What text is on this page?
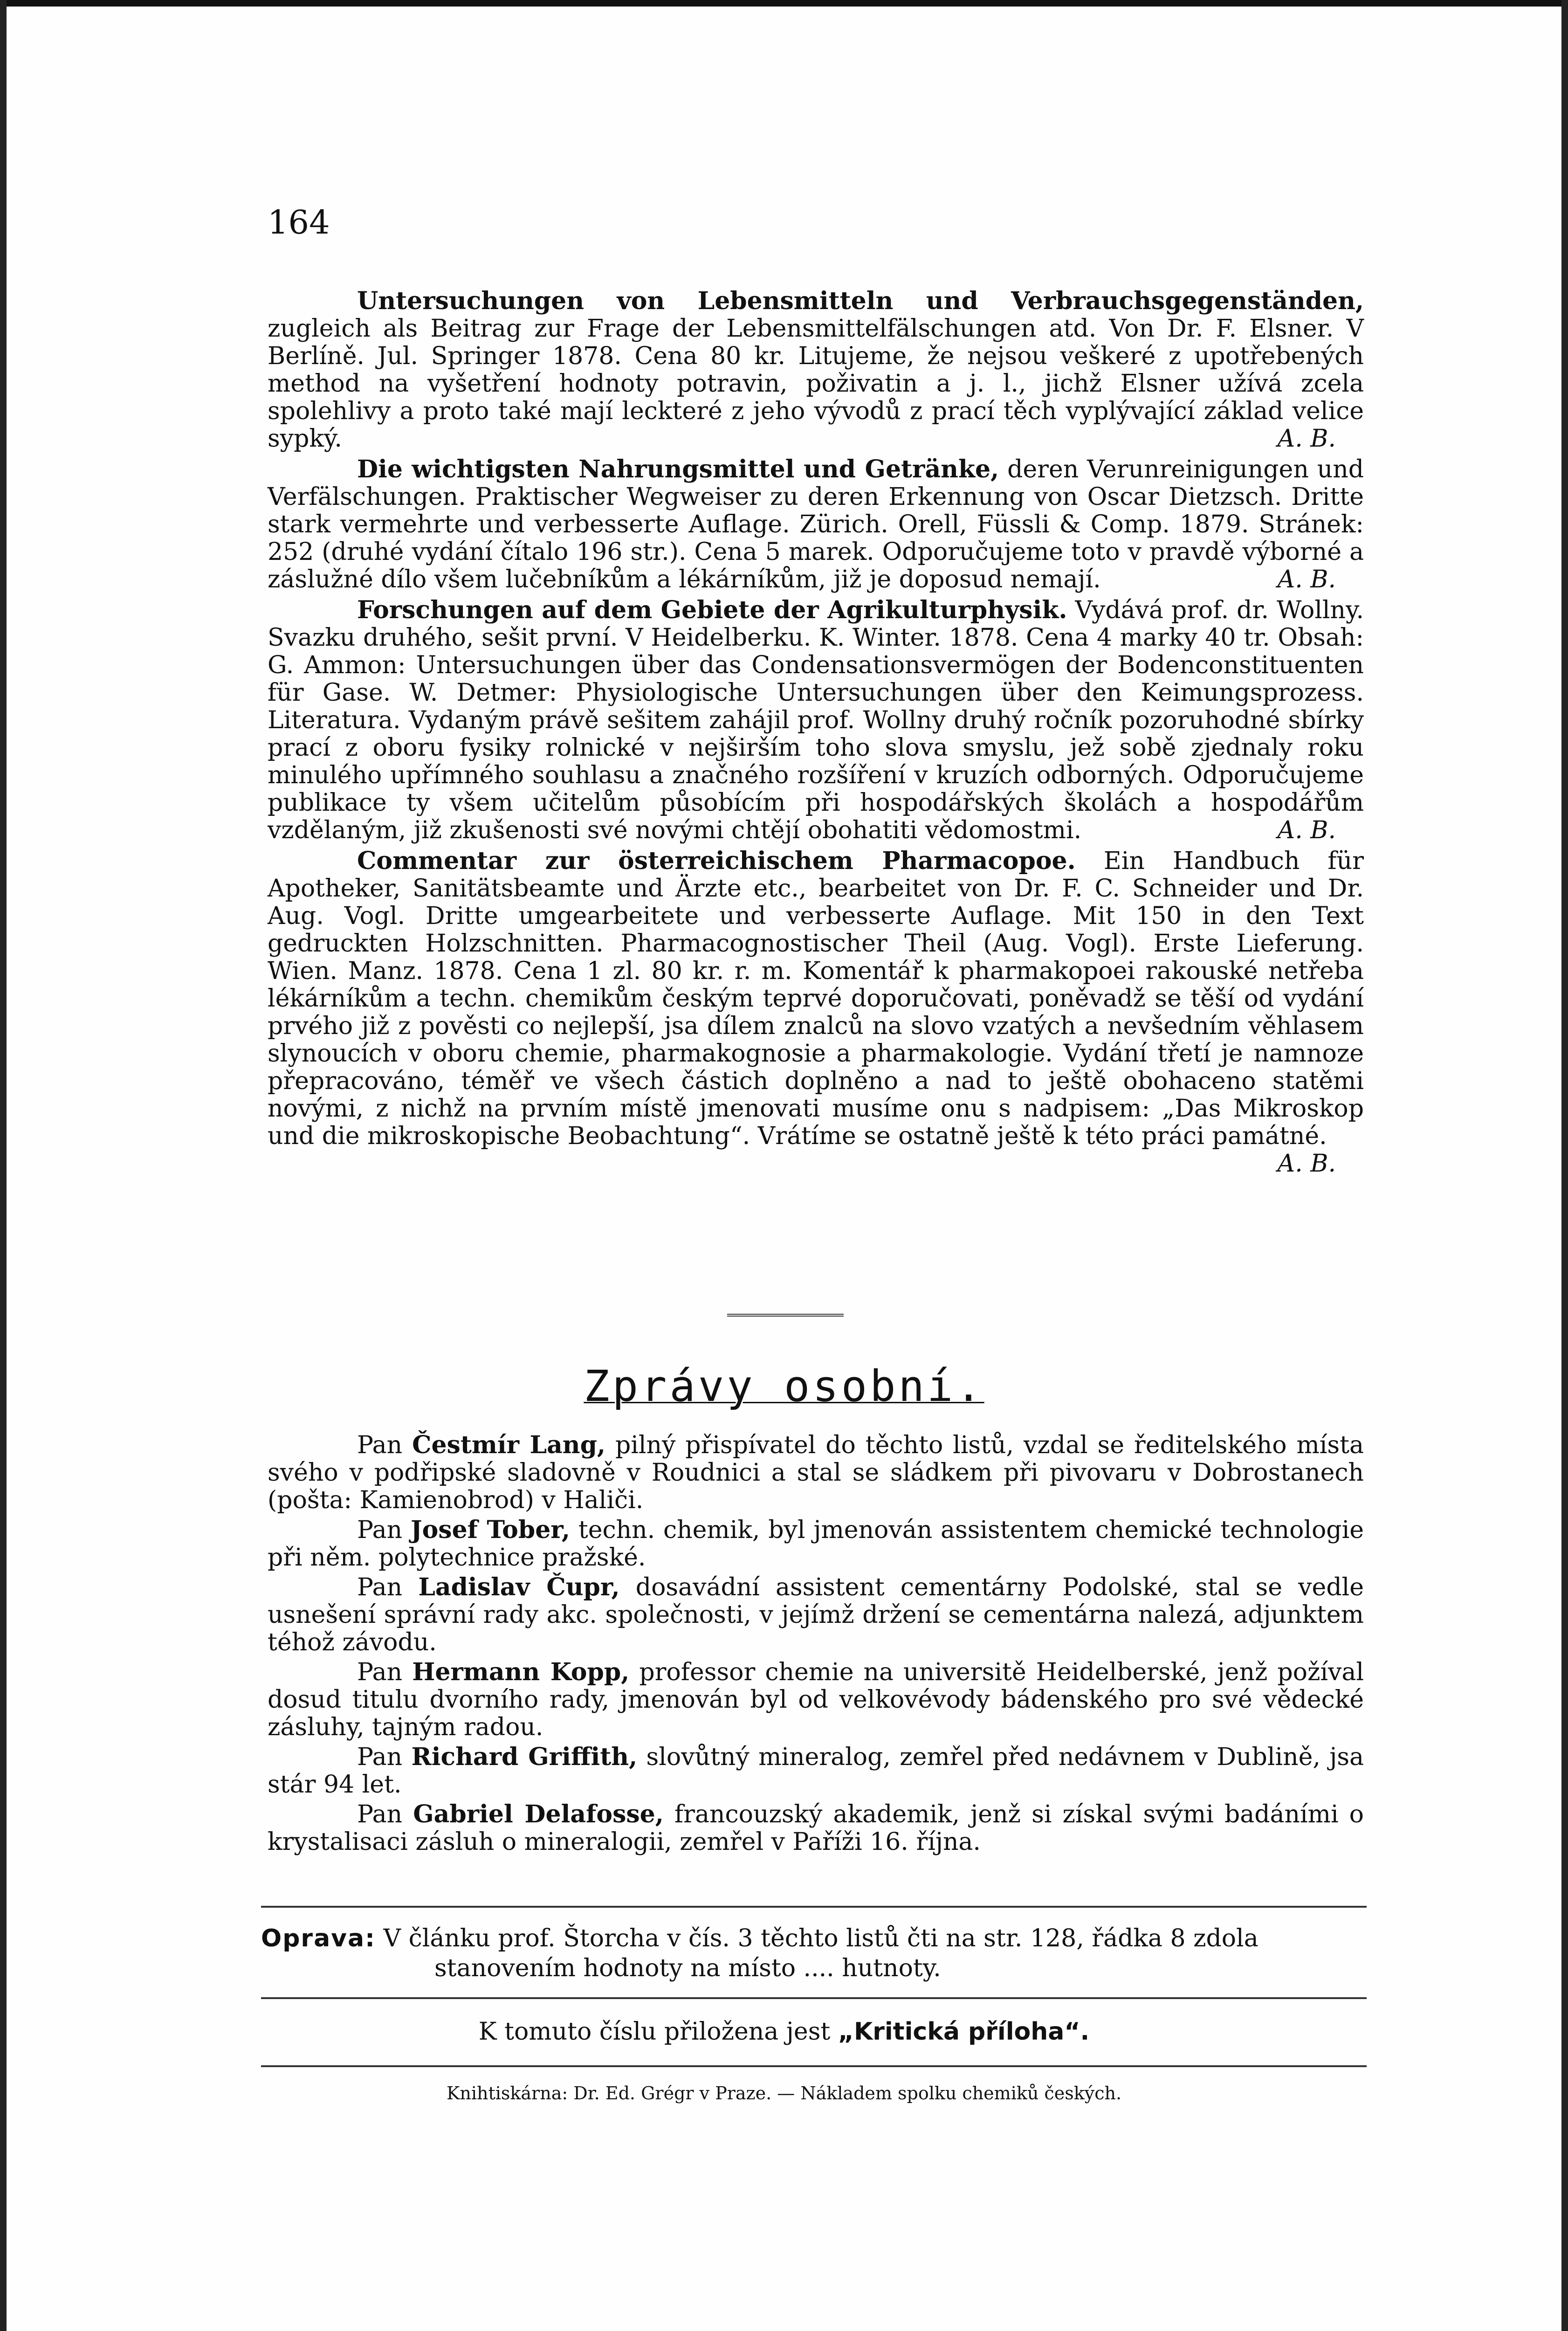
164

Untersuchungen von Lebensmitteln und Verbrauchsgegenständen, zugleich als Beitrag zur Frage der Lebensmittelfälschungen atd. Von Dr. F. Elsner. V Berlíně. Jul. Springer 1878. Cena 80 kr. Litujeme, že nejsou veškeré z upotřebených method na vyšetření hodnoty potravin, poživatin a j. l., jichž Elsner užívá zcela spolehlivy a proto také mají leckteré z jeho vývodů z prací těch vyplývající základ velice sypký.	A. B.

Die wichtigsten Nahrungsmittel und Getränke, deren Verunreinigungen und Verfälschungen. Praktischer Wegweiser zu deren Erkennung von Oscar Dietzsch. Dritte stark vermehrte und verbesserte Auflage. Zürich. Orell, Füssli & Comp. 1879. Stránek: 252 (druhé vydání čítalo 196 str.). Cena 5 marek. Odporučujeme toto v pravdě výborné a záslužné dílo všem lučebníkům a lékárníkům, již je doposud nemají.	A. B.

Forschungen auf dem Gebiete der Agrikulturphysik. Vydává prof. dr. Wollny. Svazku druhého, sešit první. V Heidelberku. K. Winter. 1878. Cena 4 marky 40 tr. Obsah: G. Ammon: Untersuchungen über das Condensationsvermögen der Bodenconstituenten für Gase. W. Detmer: Physiologische Untersuchungen über den Keimungsprozess. Literatura. Vydaným právě sešitem zahájil prof. Wollny druhý ročník pozoruhodné sbírky prací z oboru fysiky rolnické v nejširším toho slova smyslu, jež sobě zjednaly roku minulého upřímného souhlasu a značného rozšíření v kruzích odborných. Odporučujeme publikace ty všem učitelům působícím při hospodářských školách a hospodářům vzdělaným, již zkušenosti své novými chtějí obohatiti vědomostmi.	A. B.

Commentar zur österreichischem Pharmacopoe. Ein Handbuch für Apotheker, Sanitätsbeamte und Ärzte etc., bearbeitet von Dr. F. C. Schneider und Dr. Aug. Vogl. Dritte umgearbeitete und verbesserte Auflage. Mit 150 in den Text gedruckten Holzschnitten. Pharmacognostischer Theil (Aug. Vogl). Erste Lieferung. Wien. Manz. 1878. Cena 1 zl. 80 kr. r. m. Komentář k pharmakopoei rakouské netřeba lékárníkům a techn. chemikům českým teprvé doporučovati, poněvadž se těší od vydání prvého již z pověsti co nejlepší, jsa dílem znalců na slovo vzatých a nevšedním věhlasem slynoucích v oboru chemie, pharmakognosie a pharmakologie. Vydání třetí je namnoze přepracováno, téměř ve všech částich doplněno a nad to ještě obohaceno statěmi novými, z nichž na prvním místě jmenovati musíme onu s nadpisem: „Das Mikroskop und die mikroskopische Beobachtung“. Vrátíme se ostatně ještě k této práci památné.
A. B.

Zprávy osobní.

Pan Čestmír Lang, pilný přispívatel do těchto listů, vzdal se ředitelského místa svého v podřipské sladovně v Roudnici a stal se sládkem při pivovaru v Dobrostanech (pošta: Kamienobrod) v Haliči.

Pan Josef Tober, techn. chemik, byl jmenován assistentem chemické technologie při něm. polytechnice pražské.

Pan Ladislav Čupr, dosavádní assistent cementárny Podolské, stal se vedle usnešení správní rady akc. společnosti, v jejímž držení se cementárna nalezá, adjunktem téhož závodu.

Pan Hermann Kopp, professor chemie na universitě Heidelberské, jenž požíval dosud titulu dvorního rady, jmenován byl od velkovévody bádenského pro své vědecké zásluhy, tajným radou.

Pan Richard Griffith, slovůtný mineralog, zemřel před nedávnem v Dublině, jsa stár 94 let.

Pan Gabriel Delafosse, francouzský akademik, jenž si získal svými badáními o krystalisaci zásluh o mineralogii, zemřel v Paříži 16. října.

Oprava: V článku prof. Štorcha v čís. 3 těchto listů čti na str. 128, řádka 8 zdola
stanovením hodnoty na místo .... hutnoty.
K tomuto číslu přiložena jest „Kritická příloha“.
Knihtiskárna: Dr. Ed. Grégr v Praze. — Nákladem spolku chemiků českých.
